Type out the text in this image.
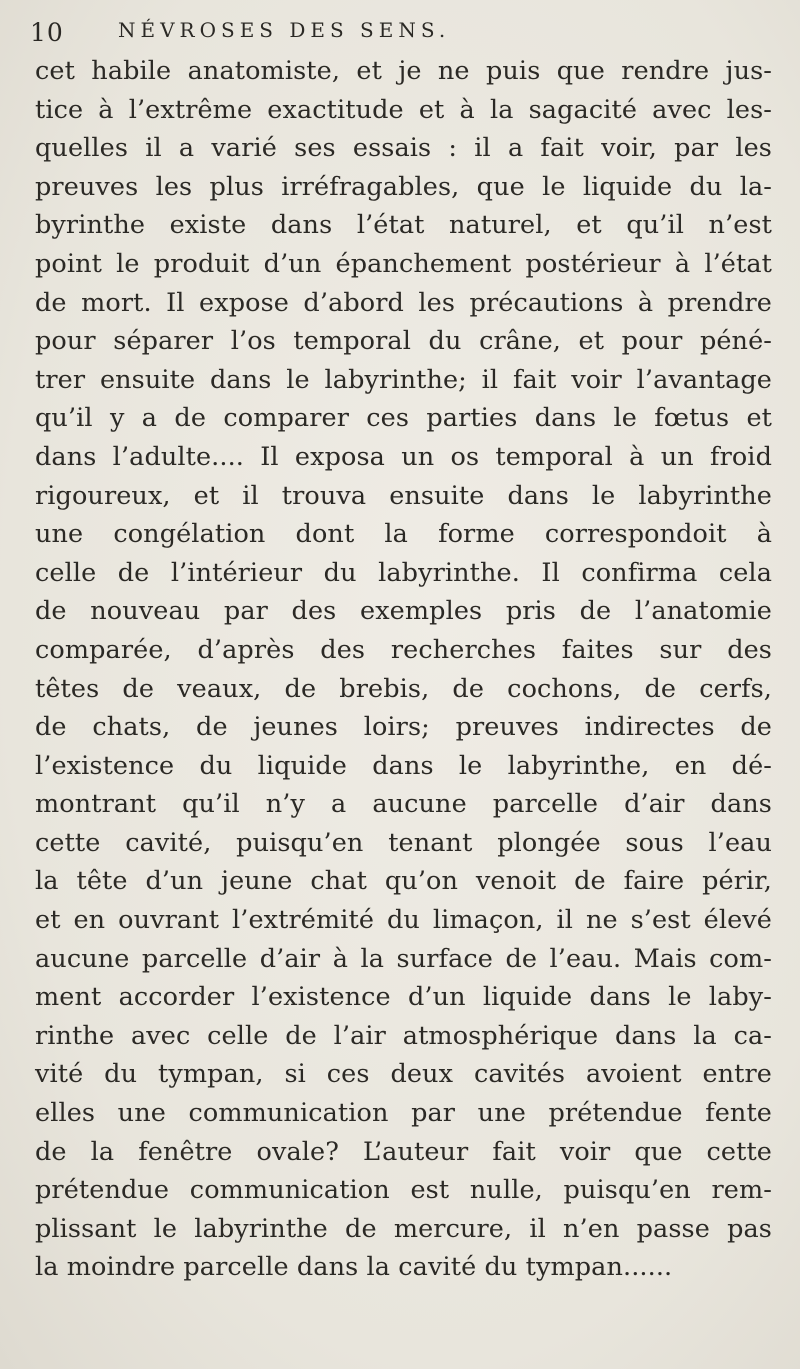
10	NÉVROSES DES SENS.
cet habile anatomiste, et je ne puis que rendre jus-
tice à l’extrême exactitude et à la sagacité avec les-
quelles il a varié ses essais : il a fait voir, par les
preuves les plus irréfragables, que le liquide du la-
byrinthe existe dans l’état naturel, et qu’il n’est
point le produit d’un épanchement postérieur à l’état
de mort. Il expose d’abord les précautions à prendre
pour séparer l’os temporal du crâne, et pour péné-
trer ensuite dans le labyrinthe; il fait voir l’avantage
qu’il y a de comparer ces parties dans le fœtus et
dans l’adulte.... Il exposa un os temporal à un froid
rigoureux, et il trouva ensuite dans le labyrinthe
une congélation dont la forme correspondoit à
celle de l’intérieur du labyrinthe. Il confirma cela
de nouveau par des exemples pris de l’anatomie
comparée, d’après des recherches faites sur des
têtes de veaux, de brebis, de cochons, de cerfs,
de chats, de jeunes loirs; preuves indirectes de
l’existence du liquide dans le labyrinthe, en dé-
montrant qu’il n’y a aucune parcelle d’air dans
cette cavité, puisqu’en tenant plongée sous l’eau
la tête d’un jeune chat qu’on venoit de faire périr,
et en ouvrant l’extrémité du limaçon, il ne s’est élevé
aucune parcelle d’air à la surface de l’eau. Mais com-
ment accorder l’existence d’un liquide dans le laby-
rinthe avec celle de l’air atmosphérique dans la ca-
vité du tympan, si ces deux cavités avoient entre
elles une communication par une prétendue fente
de la fenêtre ovale? L’auteur fait voir que cette
prétendue communication est nulle, puisqu’en rem-
plissant le labyrinthe de mercure, il n’en passe pas
la moindre parcelle dans la cavité du tympan......
